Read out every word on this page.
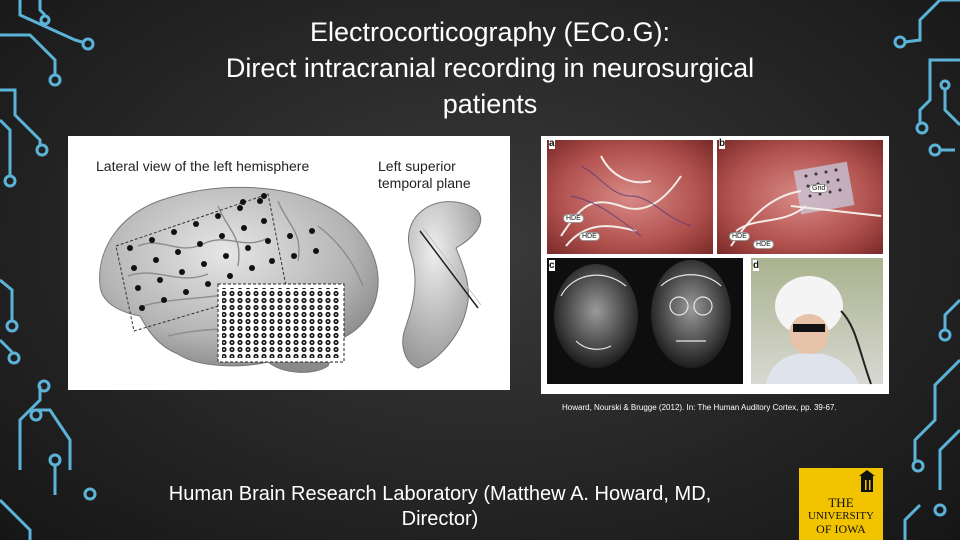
Electrocorticography (ECo.G):
Direct intracranial recording in neurosurgical
patients
Lateral view of the left hemisphere	Left superior
temporal plane
a	b
c	d
HDE
HDE	HDE
HDE
Grid
Howard, Nourski & Brugge (2012). In: The Human Auditory Cortex, pp. 39-67.
Human Brain Research Laboratory (Matthew A. Howard, MD,
Director)
THE
UNIVERSITY
OF IOWA
